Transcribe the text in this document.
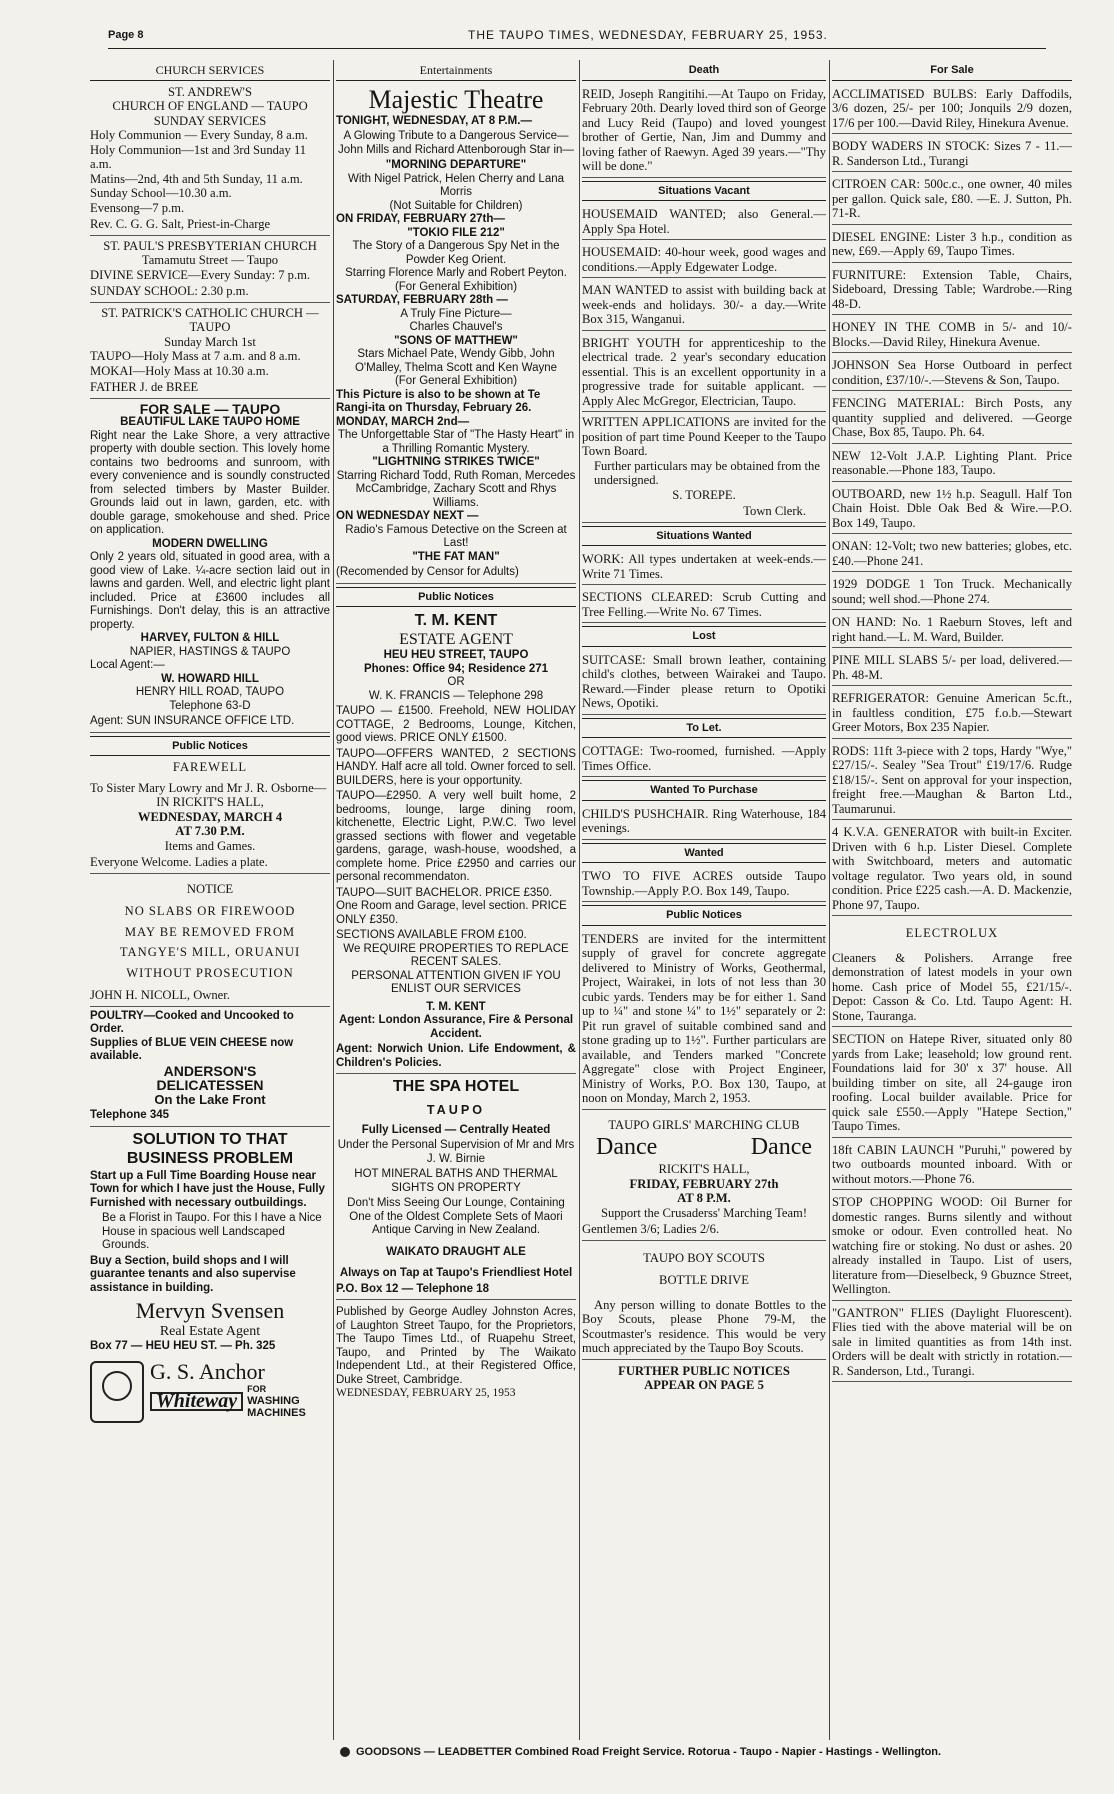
Page 8	THE TAUPO TIMES, WEDNESDAY, FEBRUARY 25, 1953.
CHURCH SERVICES
ST. ANDREW'S
CHURCH OF ENGLAND — TAUPO
SUNDAY SERVICES
Holy Communion — Every Sunday, 8 a.m.
Holy Communion—1st and 3rd Sunday 11 a.m.
Matins—2nd, 4th and 5th Sunday, 11 a.m.
Sunday School—10.30 a.m.
Evensong—7 p.m.
Rev. C. G. G. Salt, Priest-in-Charge
ST. PAUL'S PRESBYTERIAN CHURCH
Tamamutu Street — Taupo
DIVINE SERVICE—Every Sunday: 7 p.m.
SUNDAY SCHOOL: 2.30 p.m.
ST. PATRICK'S CATHOLIC CHURCH — TAUPO
Sunday March 1st
TAUPO—Holy Mass at 7 a.m. and 8 a.m.
MOKAI—Holy Mass at 10.30 a.m.
FATHER J. de BREE
FOR SALE — TAUPO
BEAUTIFUL LAKE TAUPO HOME
Right near the Lake Shore, a very attractive property with double section. This lovely home contains two bedrooms and sunroom, with every convenience and is soundly constructed from selected timbers by Master Builder. Grounds laid out in lawn, garden, etc. with double garage, smokehouse and shed. Price on application.
MODERN DWELLING
Only 2 years old, situated in good area, with a good view of Lake. ¼-acre section laid out in lawns and garden. Well, and electric light plant included. Price at £3600 includes all Furnishings. Don't delay, this is an attractive property.
HARVEY, FULTON & HILL
NAPIER, HASTINGS & TAUPO
Local Agent:—
W. HOWARD HILL
HENRY HILL ROAD, TAUPO
Telephone 63-D
Agent: SUN INSURANCE OFFICE LTD.
Public Notices
FAREWELL
To Sister Mary Lowry and Mr J. R. Osborne—
IN RICKIT'S HALL,
WEDNESDAY, MARCH 4
AT 7.30 P.M.
Items and Games.
Everyone Welcome. Ladies a plate.
NOTICE
NO SLABS OR FIREWOOD
MAY BE REMOVED FROM
TANGYE'S MILL, ORUANUI
WITHOUT PROSECUTION
JOHN H. NICOLL, Owner.
POULTRY—Cooked and Uncooked to Order.
Supplies of BLUE VEIN CHEESE now available.
ANDERSON'S
DELICATESSEN
On the Lake Front
Telephone 345
SOLUTION TO THAT
BUSINESS PROBLEM
Start up a Full Time Boarding House near Town for which I have just the House, Fully Furnished with necessary outbuildings.
Be a Florist in Taupo. For this I have a Nice House in spacious well Landscaped Grounds.
Buy a Section, build shops and I will guarantee tenants and also supervise assistance in building.
Mervyn Svensen
Real Estate Agent
Box 77 — HEU HEU ST. — Ph. 325
G. S. Anchor
Whiteway
FOR
WASHING
MACHINES
Entertainments
Majestic Theatre
TONIGHT, WEDNESDAY, AT 8 P.M.—
A Glowing Tribute to a Dangerous Service—John Mills and Richard Attenborough Star in—
"MORNING DEPARTURE"
With Nigel Patrick, Helen Cherry and Lana Morris
(Not Suitable for Children)
ON FRIDAY, FEBRUARY 27th—
"TOKIO FILE 212"
The Story of a Dangerous Spy Net in the Powder Keg Orient.
Starring Florence Marly and Robert Peyton.
(For General Exhibition)
SATURDAY, FEBRUARY 28th —
A Truly Fine Picture—
Charles Chauvel's
"SONS OF MATTHEW"
Stars Michael Pate, Wendy Gibb, John O'Malley, Thelma Scott and Ken Wayne
(For General Exhibition)
This Picture is also to be shown at Te Rangi-ita on Thursday, February 26.
MONDAY, MARCH 2nd—
The Unforgettable Star of "The Hasty Heart" in a Thrilling Romantic Mystery.
"LIGHTNING STRIKES TWICE"
Starring Richard Todd, Ruth Roman, Mercedes McCambridge, Zachary Scott and Rhys Williams.
ON WEDNESDAY NEXT —
Radio's Famous Detective on the Screen at Last!
"THE FAT MAN"
(Recomended by Censor for Adults)
Public Notices
T. M. KENT
ESTATE AGENT
HEU HEU STREET, TAUPO
Phones: Office 94; Residence 271
OR
W. K. FRANCIS — Telephone 298
TAUPO — £1500. Freehold, NEW HOLIDAY COTTAGE, 2 Bedrooms, Lounge, Kitchen, good views. PRICE ONLY £1500.
TAUPO—OFFERS WANTED, 2 SECTIONS HANDY. Half acre all told. Owner forced to sell. BUILDERS, here is your opportunity.
TAUPO—£2950. A very well built home, 2 bedrooms, lounge, large dining room, kitchenette, Electric Light, P.W.C. Two level grassed sections with flower and vegetable gardens, garage, wash-house, woodshed, a complete home. Price £2950 and carries our personal recommendaton.
TAUPO—SUIT BACHELOR. PRICE £350. One Room and Garage, level section. PRICE ONLY £350.
SECTIONS AVAILABLE FROM £100.
We REQUIRE PROPERTIES TO REPLACE RECENT SALES.
PERSONAL ATTENTION GIVEN IF YOU ENLIST OUR SERVICES
T. M. KENT
Agent: London Assurance, Fire & Personal Accident.
Agent: Norwich Union. Life Endowment, & Children's Policies.
THE SPA HOTEL
TAUPO
Fully Licensed — Centrally Heated
Under the Personal Supervision of Mr and Mrs J. W. Birnie
HOT MINERAL BATHS AND THERMAL SIGHTS ON PROPERTY
Don't Miss Seeing Our Lounge, Containing One of the Oldest Complete Sets of Maori Antique Carving in New Zealand.
WAIKATO DRAUGHT ALE
Always on Tap at Taupo's Friendliest Hotel
P.O. Box 12 — Telephone 18
Published by George Audley Johnston Acres, of Laughton Street Taupo, for the Proprietors, The Taupo Times Ltd., of Ruapehu Street, Taupo, and Printed by The Waikato Independent Ltd., at their Registered Office, Duke Street, Cambridge.
WEDNESDAY, FEBRUARY 25, 1953
Death
REID, Joseph Rangitihi.—At Taupo on Friday, February 20th. Dearly loved third son of George and Lucy Reid (Taupo) and loved youngest brother of Gertie, Nan, Jim and Dummy and loving father of Raewyn. Aged 39 years.—"Thy will be done."
Situations Vacant
HOUSEMAID WANTED; also General.—Apply Spa Hotel.
HOUSEMAID: 40-hour week, good wages and conditions.—Apply Edgewater Lodge.
MAN WANTED to assist with building back at week-ends and holidays. 30/- a day.—Write Box 315, Wanganui.
BRIGHT YOUTH for apprenticeship to the electrical trade. 2 year's secondary education essential. This is an excellent opportunity in a progressive trade for suitable applicant. —Apply Alec McGregor, Electrician, Taupo.
WRITTEN APPLICATIONS are invited for the position of part time Pound Keeper to the Taupo Town Board.
Further particulars may be obtained from the undersigned.
S. TOREPE.
Town Clerk.
Situations Wanted
WORK: All types undertaken at week-ends.—Write 71 Times.
SECTIONS CLEARED: Scrub Cutting and Tree Felling.—Write No. 67 Times.
Lost
SUITCASE: Small brown leather, containing child's clothes, between Wairakei and Taupo. Reward.—Finder please return to Opotiki News, Opotiki.
To Let.
COTTAGE: Two-roomed, furnished. —Apply Times Office.
Wanted To Purchase
CHILD'S PUSHCHAIR. Ring Waterhouse, 184 evenings.
Wanted
TWO TO FIVE ACRES outside Taupo Township.—Apply P.O. Box 149, Taupo.
Public Notices
TENDERS are invited for the intermittent supply of gravel for concrete aggregate delivered to Ministry of Works, Geothermal, Project, Wairakei, in lots of not less than 30 cubic yards. Tenders may be for either 1. Sand up to ¼" and stone ¼" to 1½" separately or 2: Pit run gravel of suitable combined sand and stone grading up to 1½". Further particulars are available, and Tenders marked "Concrete Aggregate" close with Project Engineer, Ministry of Works, P.O. Box 130, Taupo, at noon on Monday, March 2, 1953.
TAUPO GIRLS' MARCHING CLUB
Dance	Dance
RICKIT'S HALL,
FRIDAY, FEBRUARY 27th
AT 8 P.M.
Support the Crusaderss' Marching Team!
Gentlemen 3/6; Ladies 2/6.
TAUPO BOY SCOUTS
BOTTLE DRIVE
Any person willing to donate Bottles to the Boy Scouts, please Phone 79-M, the Scoutmaster's residence. This would be very much appreciated by the Taupo Boy Scouts.
FURTHER PUBLIC NOTICES
APPEAR ON PAGE 5
For Sale
ACCLIMATISED BULBS: Early Daffodils, 3/6 dozen, 25/- per 100; Jonquils 2/9 dozen, 17/6 per 100.—David Riley, Hinekura Avenue.
BODY WADERS IN STOCK: Sizes 7 - 11.—R. Sanderson Ltd., Turangi
CITROEN CAR: 500c.c., one owner, 40 miles per gallon. Quick sale, £80. —E. J. Sutton, Ph. 71-R.
DIESEL ENGINE: Lister 3 h.p., condition as new, £69.—Apply 69, Taupo Times.
FURNITURE: Extension Table, Chairs, Sideboard, Dressing Table; Wardrobe.—Ring 48-D.
HONEY IN THE COMB in 5/- and 10/- Blocks.—David Riley, Hinekura Avenue.
JOHNSON Sea Horse Outboard in perfect condition, £37/10/-.—Stevens & Son, Taupo.
FENCING MATERIAL: Birch Posts, any quantity supplied and delivered. —George Chase, Box 85, Taupo. Ph. 64.
NEW 12-Volt J.A.P. Lighting Plant. Price reasonable.—Phone 183, Taupo.
OUTBOARD, new 1½ h.p. Seagull. Half Ton Chain Hoist. Dble Oak Bed & Wire.—P.O. Box 149, Taupo.
ONAN: 12-Volt; two new batteries; globes, etc. £40.—Phone 241.
1929 DODGE 1 Ton Truck. Mechanically sound; well shod.—Phone 274.
ON HAND: No. 1 Raeburn Stoves, left and right hand.—L. M. Ward, Builder.
PINE MILL SLABS 5/- per load, delivered.—Ph. 48-M.
REFRIGERATOR: Genuine American 5c.ft., in faultless condition, £75 f.o.b.—Stewart Greer Motors, Box 235 Napier.
RODS: 11ft 3-piece with 2 tops, Hardy "Wye," £27/15/-. Sealey "Sea Trout" £19/17/6. Rudge £18/15/-. Sent on approval for your inspection, freight free.—Maughan & Barton Ltd., Taumarunui.
4 K.V.A. GENERATOR with built-in Exciter. Driven with 6 h.p. Lister Diesel. Complete with Switchboard, meters and automatic voltage regulator. Two years old, in sound condition. Price £225 cash.—A. D. Mackenzie, Phone 97, Taupo.
ELECTROLUX
Cleaners & Polishers. Arrange free demonstration of latest models in your own home. Cash price of Model 55, £21/15/-. Depot: Casson & Co. Ltd. Taupo Agent: H. Stone, Tauranga.
SECTION on Hatepe River, situated only 80 yards from Lake; leasehold; low ground rent. Foundations laid for 30' x 37' house. All building timber on site, all 24-gauge iron roofing. Local builder available. Price for quick sale £550.—Apply "Hatepe Section," Taupo Times.
18ft CABIN LAUNCH "Puruhi," powered by two outboards mounted inboard. With or without motors.—Phone 76.
STOP CHOPPING WOOD: Oil Burner for domestic ranges. Burns silently and without smoke or odour. Even controlled heat. No watching fire or stoking. No dust or ashes. 20 already installed in Taupo. List of users, literature from—Dieselbeck, 9 Gbuznce Street, Wellington.
"GANTRON" FLIES (Daylight Fluorescent). Flies tied with the above material will be on sale in limited quantities as from 14th inst. Orders will be dealt with strictly in rotation.—R. Sanderson, Ltd., Turangi.
GOODSONS — LEADBETTER Combined Road Freight Service. Rotorua - Taupo - Napier - Hastings - Wellington.
